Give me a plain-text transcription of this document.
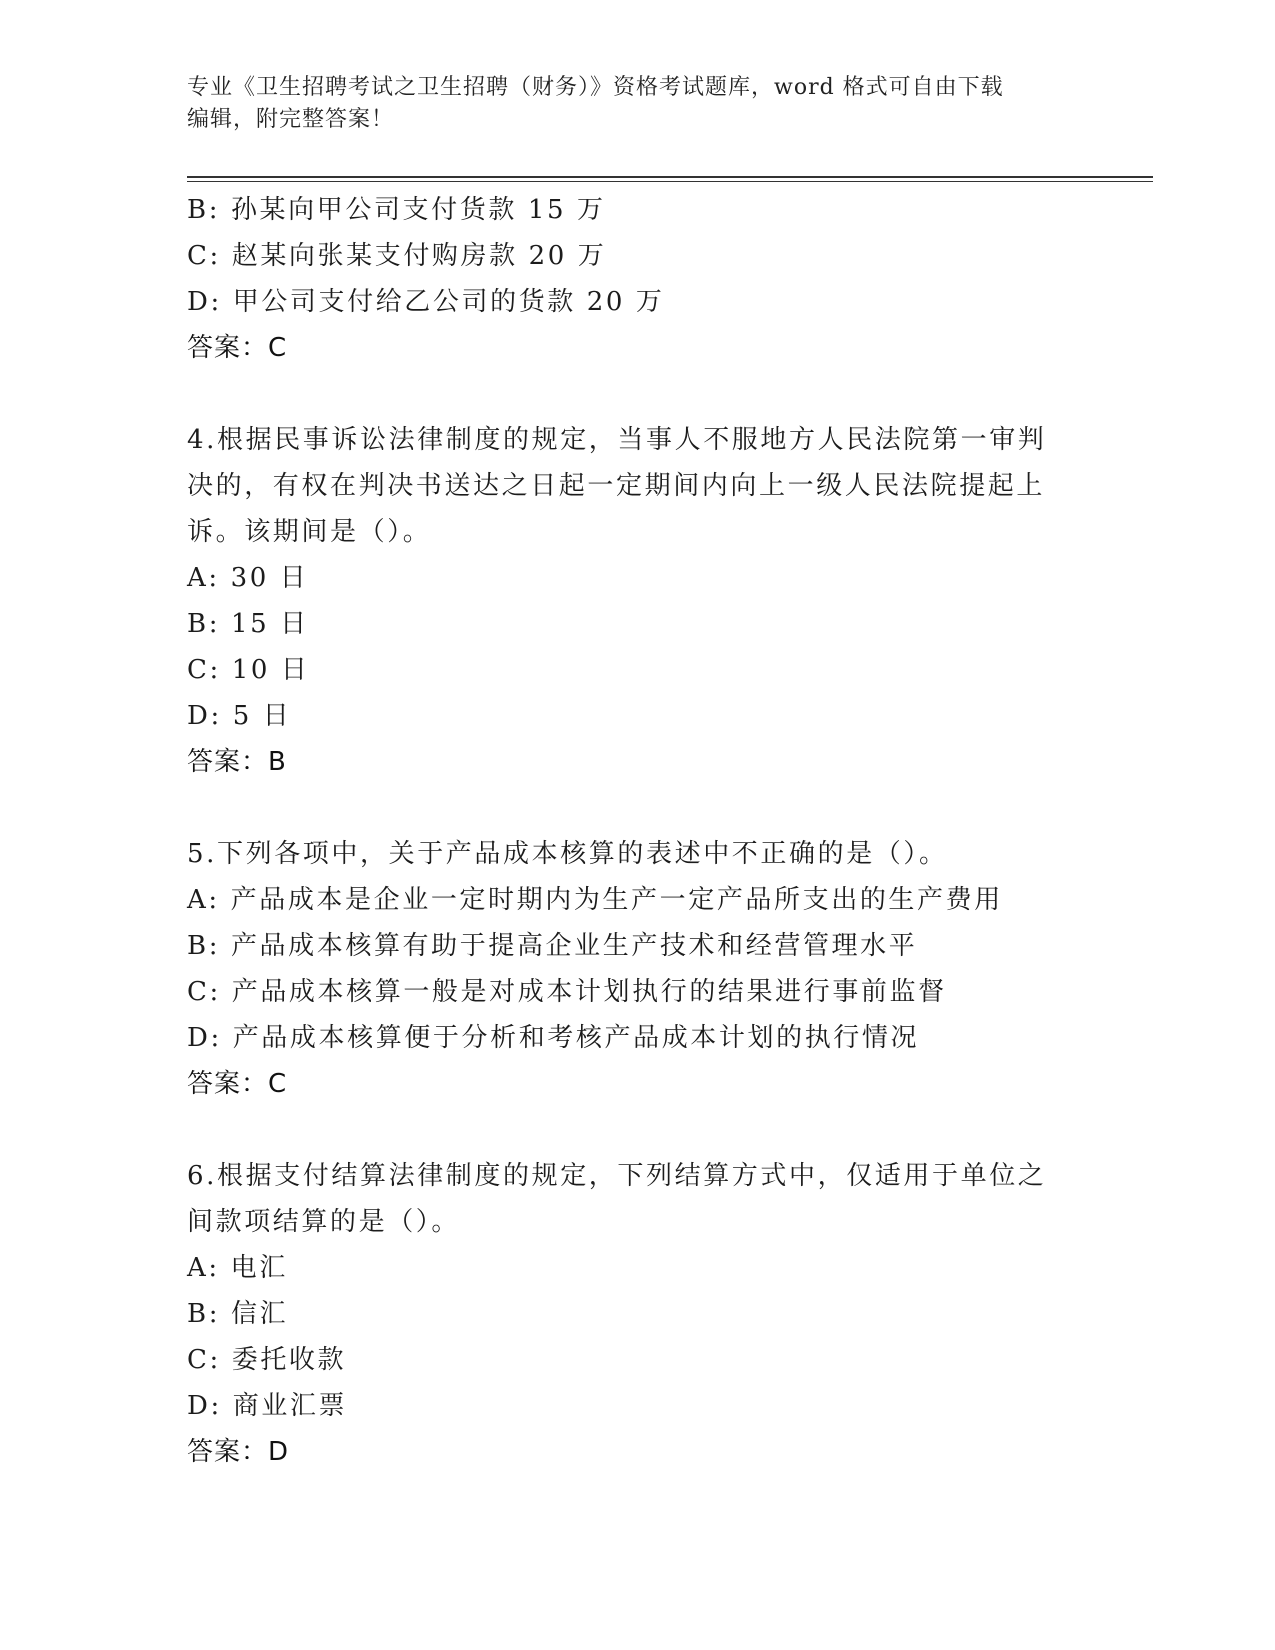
专业《卫生招聘考试之卫生招聘（财务）》资格考试题库，word 格式可自由下载
编辑，附完整答案！
B: 孙某向甲公司支付货款 15 万
C: 赵某向张某支付购房款 20 万
D: 甲公司支付给乙公司的货款 20 万
答案：C
4.根据民事诉讼法律制度的规定，当事人不服地方人民法院第一审判
决的，有权在判决书送达之日起一定期间内向上一级人民法院提起上
诉。该期间是（）。
A: 30 日
B: 15 日
C: 10 日
D: 5 日
答案：B
5.下列各项中，关于产品成本核算的表述中不正确的是（）。
A: 产品成本是企业一定时期内为生产一定产品所支出的生产费用
B: 产品成本核算有助于提高企业生产技术和经营管理水平
C: 产品成本核算一般是对成本计划执行的结果进行事前监督
D: 产品成本核算便于分析和考核产品成本计划的执行情况
答案：C
6.根据支付结算法律制度的规定，下列结算方式中，仅适用于单位之
间款项结算的是（）。
A: 电汇
B: 信汇
C: 委托收款
D: 商业汇票
答案：D
